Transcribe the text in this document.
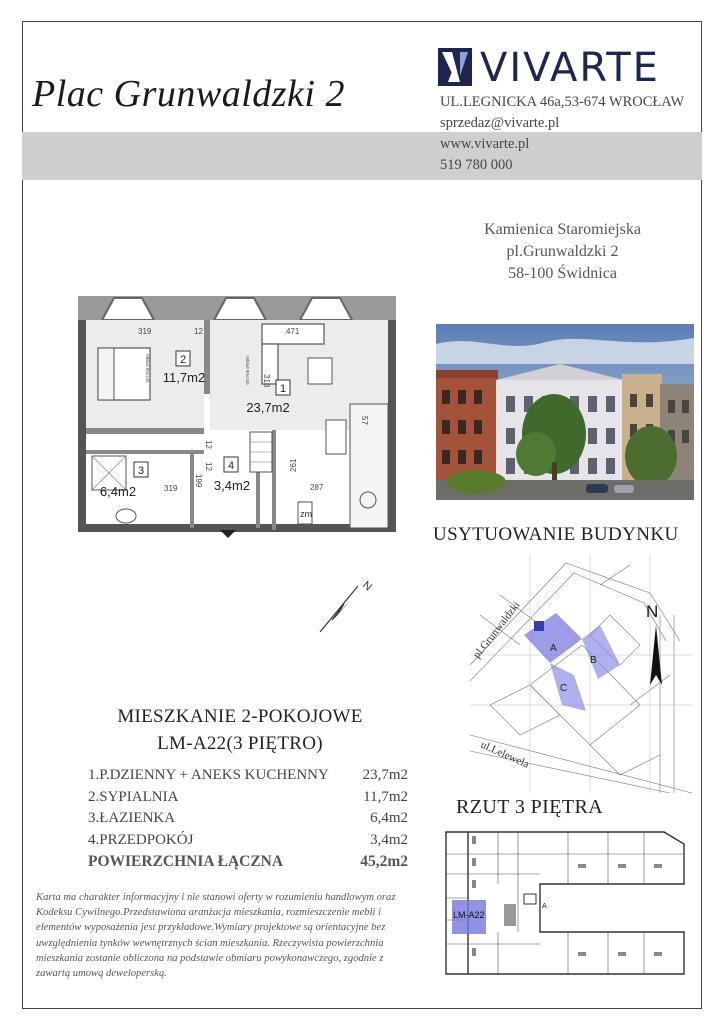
Plac Grunwaldzki 2
VIVARTE
UL.LEGNICKA 46a,53-674 WROCŁAW
sprzedaz@vivarte.pl
www.vivarte.pl
519 780 000
Kamienica Staromiejska
pl.Grunwaldzki 2
58-100 Świdnica
Wkład 80x140	Wkład 80x160
zm
2
11,7m2
1
23,7m2
3
6,4m2
4
3,4m2
319	471
12
318
319
199
261
287
12
12
57
N
MIESZKANIE 2-POKOJOWE
LM-A22(3 PIĘTRO)
1.P.DZIENNY + ANEKS KUCHENNY 23,7m2
2.SYPIALNIA	11,7m2
3.ŁAZIENKA	6,4m2
4.PRZEDPOKÓJ	3,4m2
POWIERZCHNIA ŁĄCZNA	45,2m2
Karta ma charakter informacyjny i nie stanowi oferty w rozumieniu handlowym oraz Kodeksu Cywilnego.Przedstawiona aranżacja mieszkania, rozmieszczenie mebli i elementów wyposażenia jest przykładowe.Wymiary projektowe są orientacyjne bez uwzględnienia tynków wewnętrznych ścian mieszkania. Rzeczywista powierzchnia mieszkania zostanie obliczona na podstawie obmiaru powykonawczego, zgodnie z zawartą umową deweloperską.
USYTUOWANIE BUDYNKU
A
B
C
pl.Grunwaldzki
ul.Lelewela
N
RZUT 3 PIĘTRA
LM-A22
A
